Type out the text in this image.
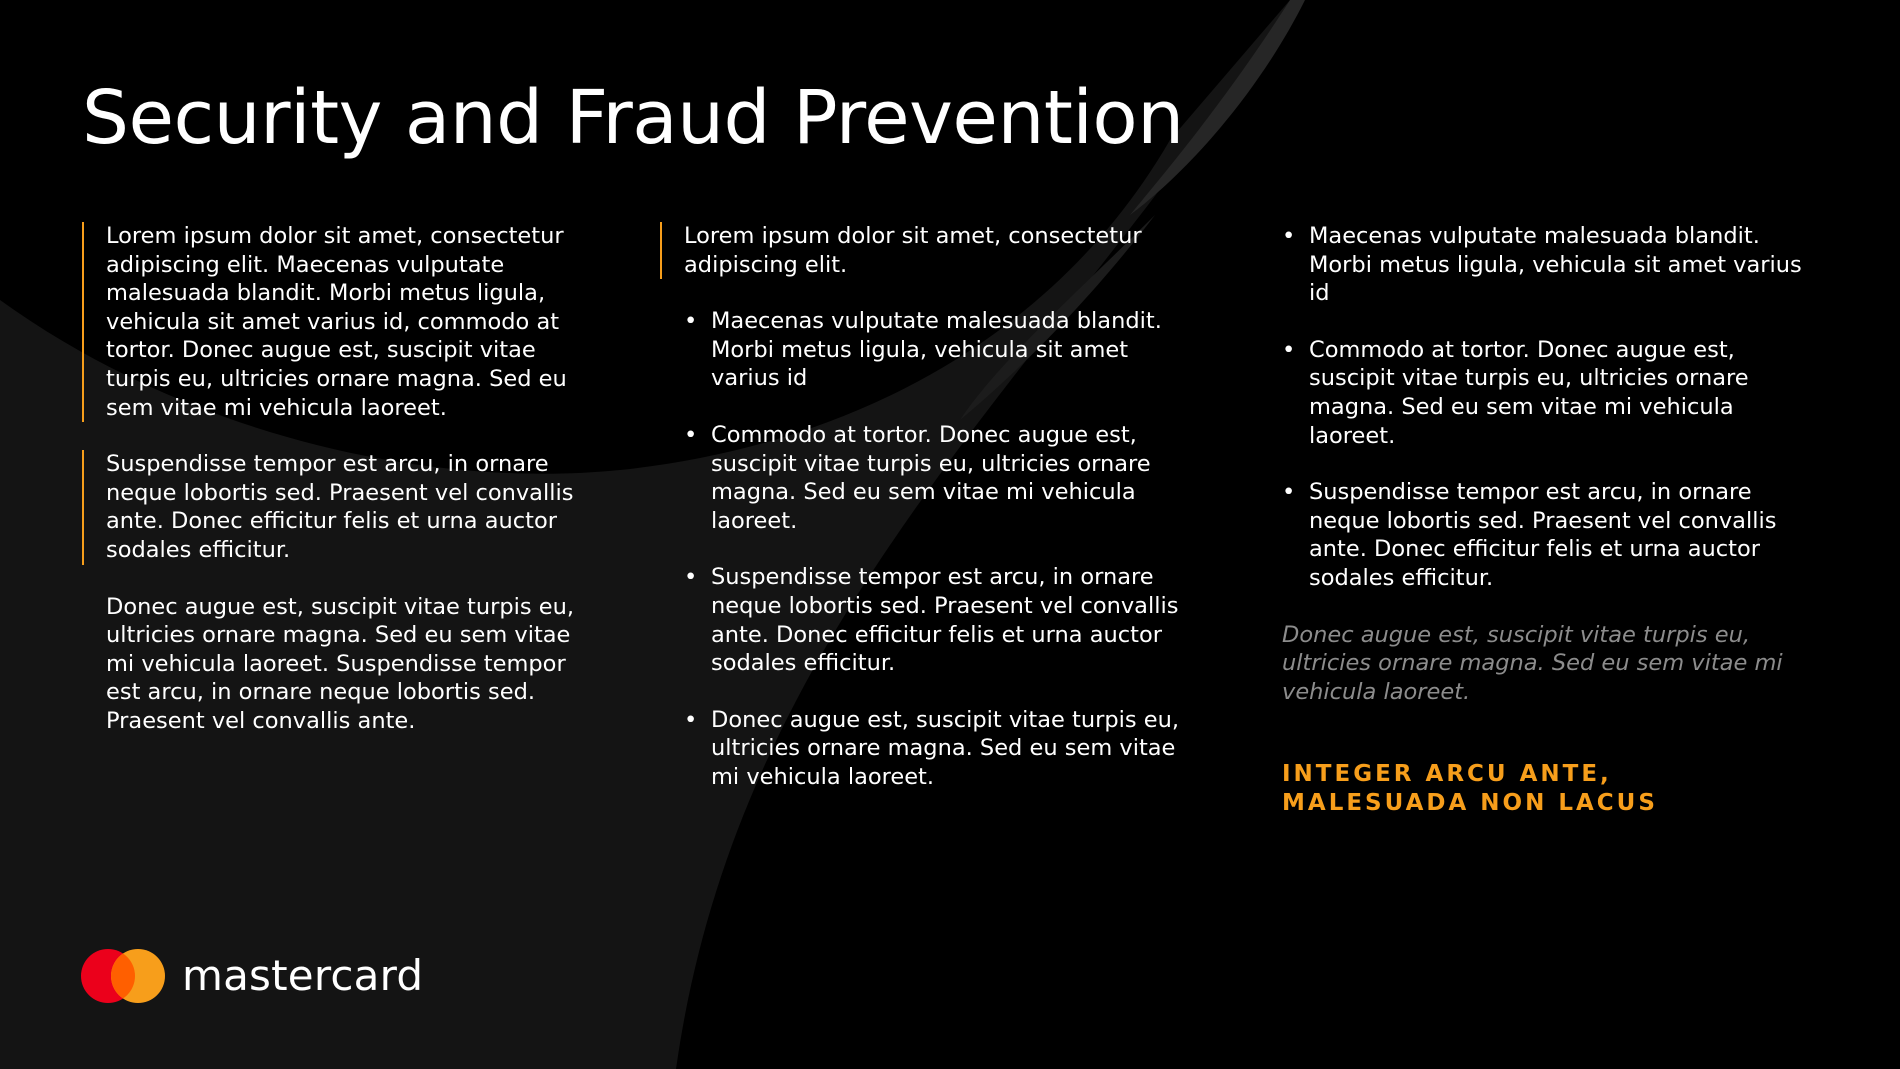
Security and Fraud Prevention

Lorem ipsum dolor sit amet, consectetur adipiscing elit. Maecenas vulputate malesuada blandit. Morbi metus ligula, vehicula sit amet varius id, commodo at tortor. Donec augue est, suscipit vitae turpis eu, ultricies ornare magna. Sed eu sem vitae mi vehicula laoreet.

Suspendisse tempor est arcu, in ornare neque lobortis sed. Praesent vel convallis ante. Donec efficitur felis et urna auctor sodales efficitur.

Donec augue est, suscipit vitae turpis eu, ultricies ornare magna. Sed eu sem vitae mi vehicula laoreet. Suspendisse tempor est arcu, in ornare neque lobortis sed. Praesent vel convallis ante.

Lorem ipsum dolor sit amet, consectetur adipiscing elit.

• Maecenas vulputate malesuada blandit. Morbi metus ligula, vehicula sit amet varius id
• Commodo at tortor. Donec augue est, suscipit vitae turpis eu, ultricies ornare magna. Sed eu sem vitae mi vehicula laoreet.
• Suspendisse tempor est arcu, in ornare neque lobortis sed. Praesent vel convallis ante. Donec efficitur felis et urna auctor sodales efficitur.
• Donec augue est, suscipit vitae turpis eu, ultricies ornare magna. Sed eu sem vitae mi vehicula laoreet.
• Maecenas vulputate malesuada blandit. Morbi metus ligula, vehicula sit amet varius id
• Commodo at tortor. Donec augue est, suscipit vitae turpis eu, ultricies ornare magna. Sed eu sem vitae mi vehicula laoreet.
• Suspendisse tempor est arcu, in ornare neque lobortis sed. Praesent vel convallis ante. Donec efficitur felis et urna auctor sodales efficitur.

Donec augue est, suscipit vitae turpis eu, ultricies ornare magna. Sed eu sem vitae mi vehicula laoreet.

INTEGER ARCU ANTE,
MALESUADA NON LACUS
mastercard
